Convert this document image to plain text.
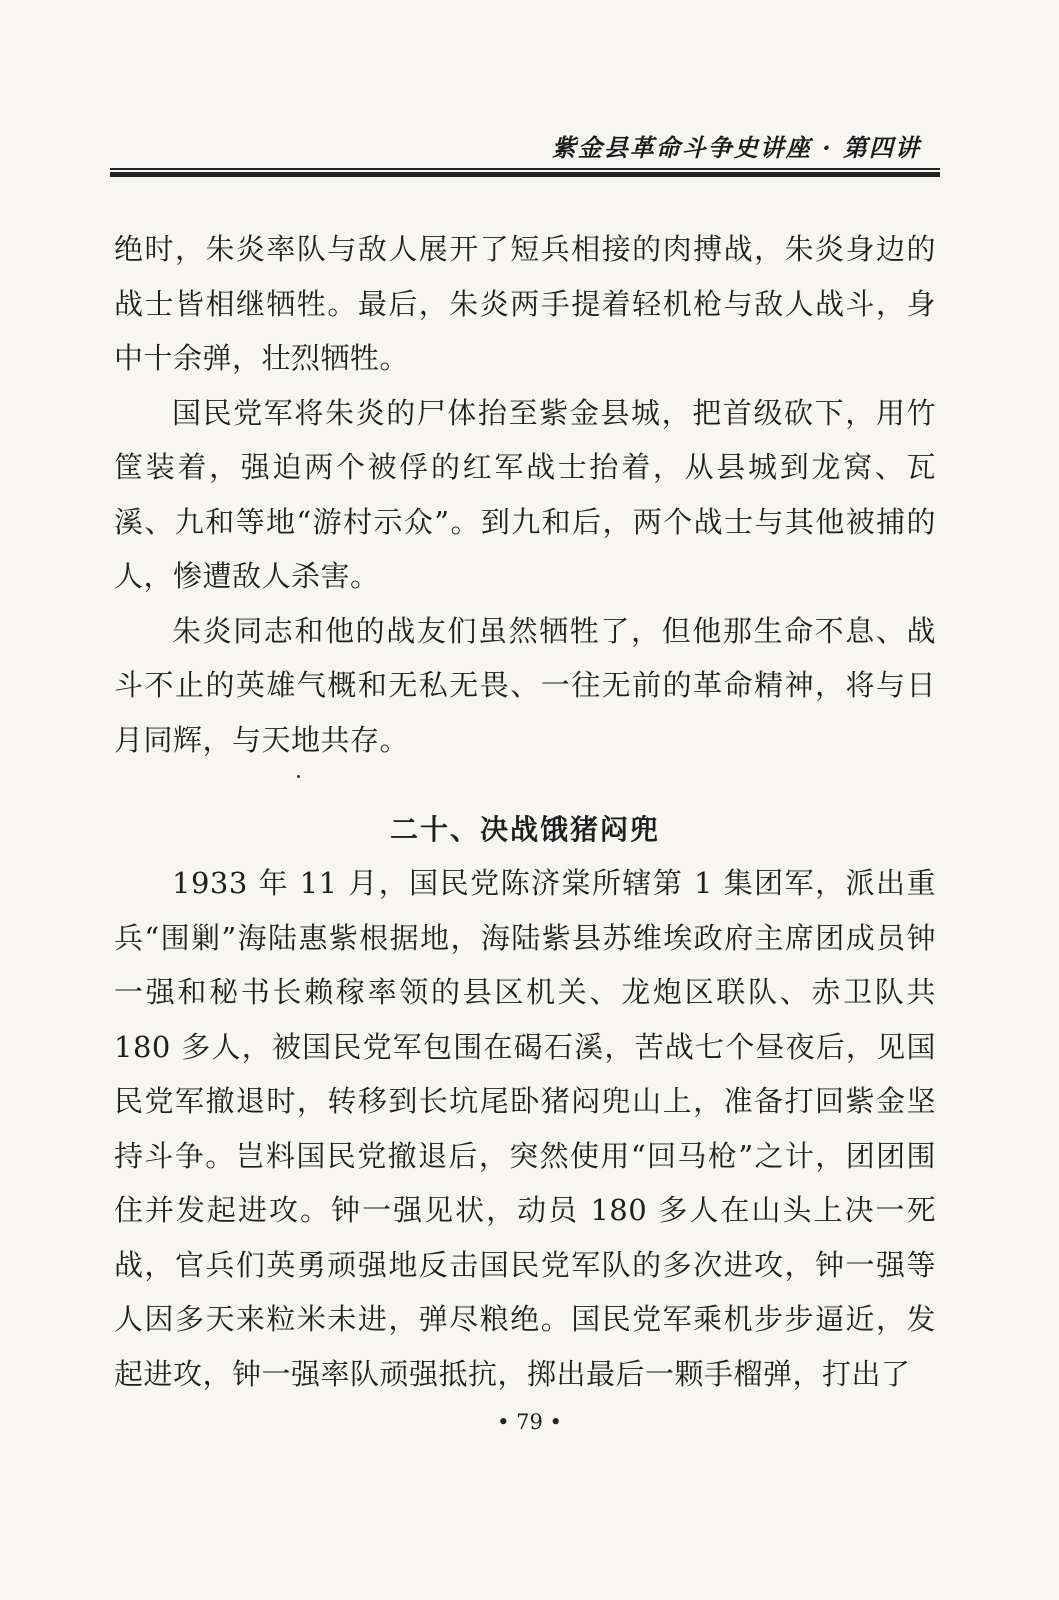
紫金县革命斗争史讲座 · 第四讲

绝时，朱炎率队与敌人展开了短兵相接的肉搏战，朱炎身边的战士皆相继牺牲。最后，朱炎两手提着轻机枪与敌人战斗，身中十余弹，壮烈牺牲。

国民党军将朱炎的尸体抬至紫金县城，把首级砍下，用竹筐装着，强迫两个被俘的红军战士抬着，从县城到龙窝、瓦溪、九和等地“游村示众”。到九和后，两个战士与其他被捕的人，惨遭敌人杀害。

朱炎同志和他的战友们虽然牺牲了，但他那生命不息、战斗不止的英雄气概和无私无畏、一往无前的革命精神，将与日月同辉，与天地共存。

二十、决战饿猪闷兜

1933 年 11 月，国民党陈济棠所辖第 1 集团军，派出重兵“围剿”海陆惠紫根据地，海陆紫县苏维埃政府主席团成员钟一强和秘书长赖稼率领的县区机关、龙炮区联队、赤卫队共 180 多人，被国民党军包围在碣石溪，苦战七个昼夜后，见国民党军撤退时，转移到长坑尾卧猪闷兜山上，准备打回紫金坚持斗争。岂料国民党撤退后，突然使用“回马枪”之计，团团围住并发起进攻。钟一强见状，动员 180 多人在山头上决一死战，官兵们英勇顽强地反击国民党军队的多次进攻，钟一强等人因多天来粒米未进，弹尽粮绝。国民党军乘机步步逼近，发起进攻，钟一强率队顽强抵抗，掷出最后一颗手榴弹，打出了

• 79 •
